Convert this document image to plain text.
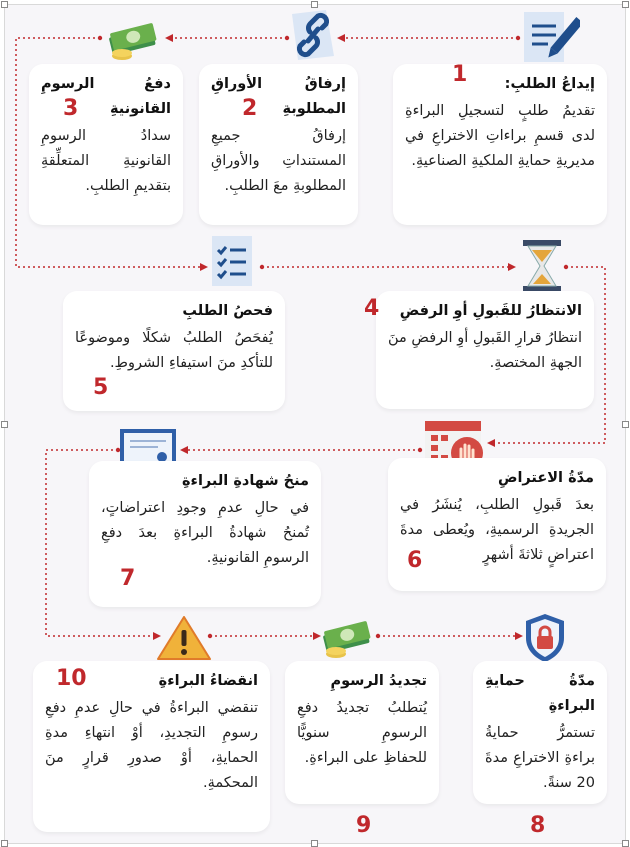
إيداعُ الطلبِ:
تقديمُ طلبٍ لتسجيلِ البراءةِ لدى قسمِ براءاتِ الاختراعِ في مديريةِ حمايةِ الملكيةِ الصناعيةِ.
إرفاقُ الأوراقِ المطلوبةِ
إرفاقُ جميعِ المستنداتِ والأوراقِ المطلوبةِ معَ الطلبِ.
دفعُ الرسومِ القانونيةِ
سدادُ الرسومِ القانونيةِ المتعلِّقةِ بتقديمِ الطلبِ.
الانتظارُ للقَبولِ أوِ الرفضِ
انتظارُ قرارِ القَبولِ أوِ الرفضِ منَ الجهةِ المختصةِ.
فحصُ الطلبِ
يُفحَصُ الطلبُ شكلًا وموضوعًا للتأكدِ منَ استيفاءِ الشروطِ.
مدّةُ الاعتراضِ
بعدَ قَبولِ الطلبِ، يُنشَرُ في الجريدةِ الرسميةِ، ويُعطى مدةَ اعتراضٍ ثلاثةَ أشهرٍ
منحُ شهادةِ البراءةِ
في حالِ عدمِ وجودِ اعتراضاتٍ، تُمنحُ شهادةُ البراءةِ بعدَ دفعِ الرسومِ القانونيةِ.
مدّةُ حمايةِ البراءةِ
تستمرُّ حمايةُ براءةِ الاختراعِ مدةَ 20 سنةً.
تجديدُ الرسومِ
يُتطلبُ تجديدُ دفعِ الرسومِ سنويًّا للحفاظِ على البراءةِ.
انقضاءُ البراءةِ
تنقضي البراءةُ في حالِ عدمِ دفعِ رسومِ التجديدِ، أوْ انتهاءِ مدةِ الحمايةِ، أوْ صدورِ قرارٍ منَ المحكمةِ.
1
2
3
4
5
6
7
8
9
10
